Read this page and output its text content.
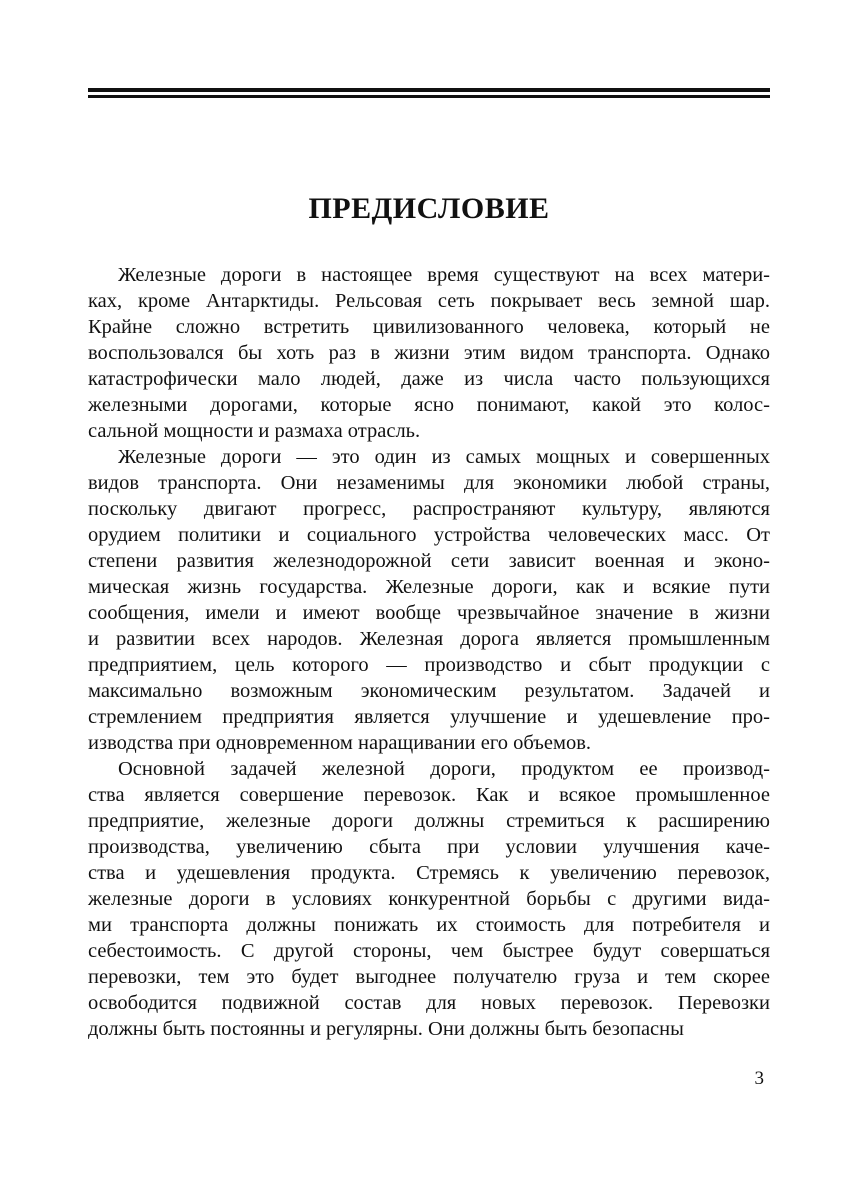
ПРЕДИСЛОВИЕ

Железные дороги в настоящее время существуют на всех матери-
ках, кроме Антарктиды. Рельсовая сеть покрывает весь земной шар.
Крайне сложно встретить цивилизованного человека, который не
воспользовался бы хоть раз в жизни этим видом транспорта. Однако
катастрофически мало людей, даже из числа часто пользующихся
железными дорогами, которые ясно понимают, какой это колос-
сальной мощности и размаха отрасль.

Железные дороги — это один из самых мощных и совершенных
видов транспорта. Они незаменимы для экономики любой страны,
поскольку двигают прогресс, распространяют культуру, являются
орудием политики и социального устройства человеческих масс. От
степени развития железнодорожной сети зависит военная и эконо-
мическая жизнь государства. Железные дороги, как и всякие пути
сообщения, имели и имеют вообще чрезвычайное значение в жизни
и развитии всех народов. Железная дорога является промышленным
предприятием, цель которого — производство и сбыт продукции с
максимально возможным экономическим результатом. Задачей и
стремлением предприятия является улучшение и удешевление про-
изводства при одновременном наращивании его объемов.

Основной задачей железной дороги, продуктом ее производ-
ства является совершение перевозок. Как и всякое промышленное
предприятие, железные дороги должны стремиться к расширению
производства, увеличению сбыта при условии улучшения каче-
ства и удешевления продукта. Стремясь к увеличению перевозок,
железные дороги в условиях конкурентной борьбы с другими вида-
ми транспорта должны понижать их стоимость для потребителя и
себестоимость. С другой стороны, чем быстрее будут совершаться
перевозки, тем это будет выгоднее получателю груза и тем скорее
освободится подвижной состав для новых перевозок. Перевозки
должны быть постоянны и регулярны. Они должны быть безопасны

3
